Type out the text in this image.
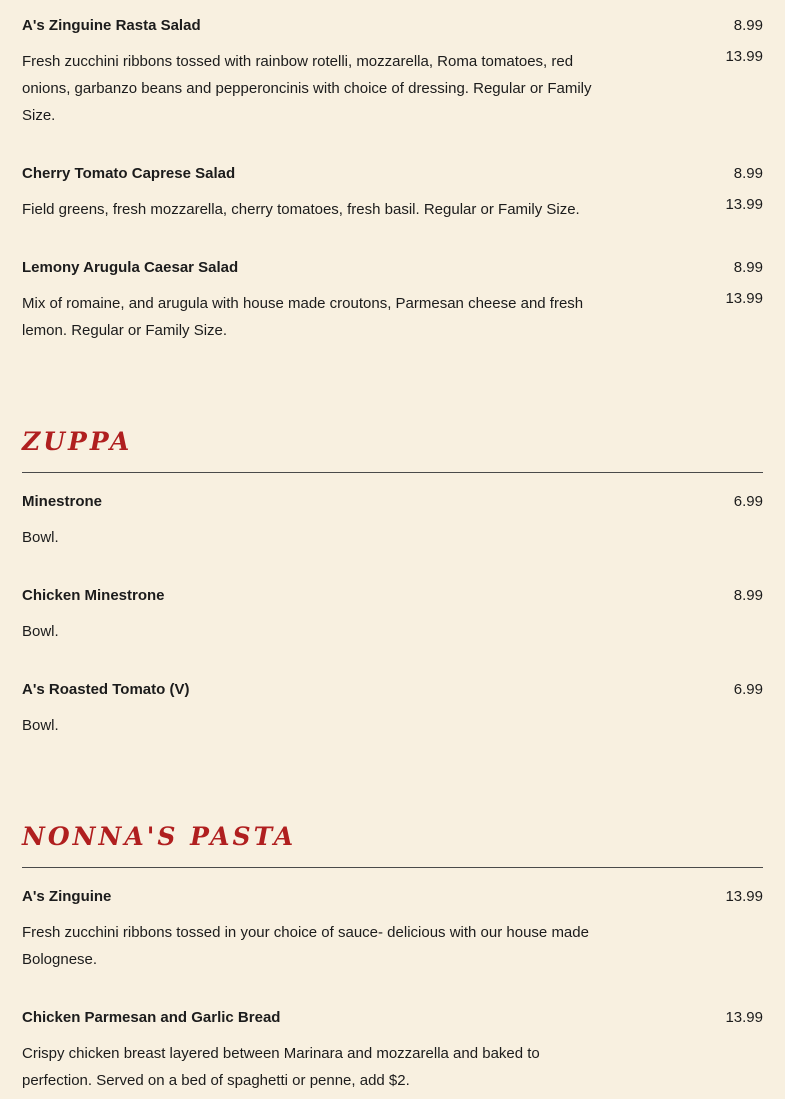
A's Zinguine Rasta Salad	8.99
13.99
Fresh zucchini ribbons tossed with rainbow rotelli, mozzarella, Roma tomatoes, red onions, garbanzo beans and pepperoncinis with choice of dressing. Regular or Family Size.
Cherry Tomato Caprese Salad	8.99
13.99
Field greens, fresh mozzarella, cherry tomatoes, fresh basil. Regular or Family Size.
Lemony Arugula Caesar Salad	8.99
13.99
Mix of romaine, and arugula with house made croutons, Parmesan cheese and fresh lemon. Regular or Family Size.
ZUPPA
Minestrone	6.99
Bowl.
Chicken Minestrone	8.99
Bowl.
A's Roasted Tomato (V)	6.99
Bowl.
NONNA'S PASTA
A's Zinguine	13.99
Fresh zucchini ribbons tossed in your choice of sauce- delicious with our house made Bolognese.
Chicken Parmesan and Garlic Bread	13.99
Crispy chicken breast layered between Marinara and mozzarella and baked to perfection. Served on a bed of spaghetti or penne, add $2.
